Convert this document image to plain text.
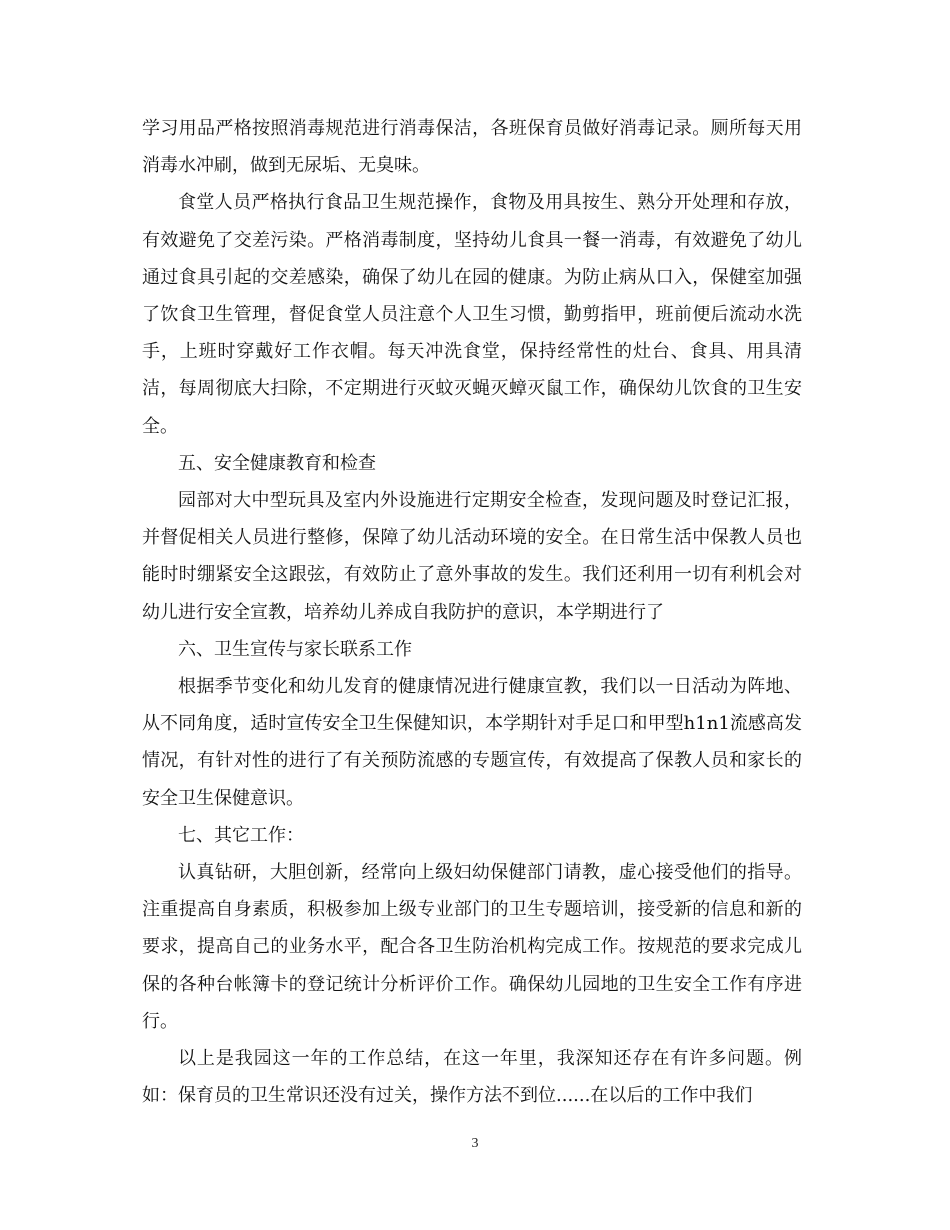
学习用品严格按照消毒规范进行消毒保洁，各班保育员做好消毒记录。厕所每天用消毒水冲刷，做到无尿垢、无臭味。

食堂人员严格执行食品卫生规范操作，食物及用具按生、熟分开处理和存放，有效避免了交差污染。严格消毒制度，坚持幼儿食具一餐一消毒，有效避免了幼儿通过食具引起的交差感染，确保了幼儿在园的健康。为防止病从口入，保健室加强了饮食卫生管理，督促食堂人员注意个人卫生习惯，勤剪指甲，班前便后流动水洗手，上班时穿戴好工作衣帽。每天冲洗食堂，保持经常性的灶台、食具、用具清洁，每周彻底大扫除，不定期进行灭蚊灭蝇灭蟑灭鼠工作，确保幼儿饮食的卫生安全。

五、安全健康教育和检查

园部对大中型玩具及室内外设施进行定期安全检查，发现问题及时登记汇报，并督促相关人员进行整修，保障了幼儿活动环境的安全。在日常生活中保教人员也能时时绷紧安全这跟弦，有效防止了意外事故的发生。我们还利用一切有利机会对幼儿进行安全宣教，培养幼儿养成自我防护的意识，本学期进行了

六、卫生宣传与家长联系工作

根据季节变化和幼儿发育的健康情况进行健康宣教，我们以一日活动为阵地、从不同角度，适时宣传安全卫生保健知识，本学期针对手足口和甲型h1n1流感高发情况，有针对性的进行了有关预防流感的专题宣传，有效提高了保教人员和家长的安全卫生保健意识。

七、其它工作：

认真钻研，大胆创新，经常向上级妇幼保健部门请教，虚心接受他们的指导。注重提高自身素质，积极参加上级专业部门的卫生专题培训，接受新的信息和新的要求，提高自己的业务水平，配合各卫生防治机构完成工作。按规范的要求完成儿保的各种台帐簿卡的登记统计分析评价工作。确保幼儿园地的卫生安全工作有序进行。

以上是我园这一年的工作总结，在这一年里，我深知还存在有许多问题。例如：保育员的卫生常识还没有过关，操作方法不到位......在以后的工作中我们

3
